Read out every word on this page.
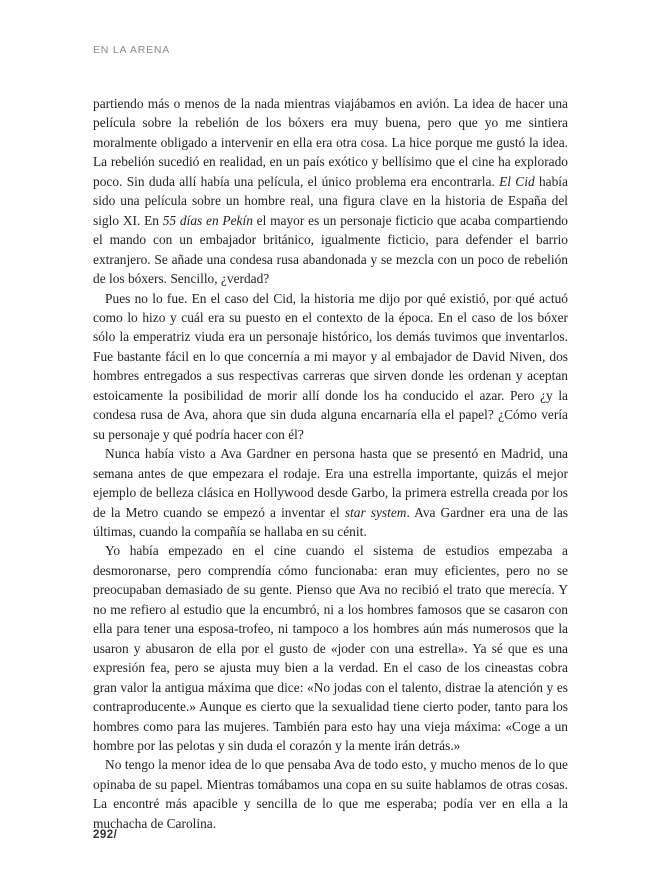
EN LA ARENA

partiendo más o menos de la nada mientras viajábamos en avión. La idea de hacer una película sobre la rebelión de los bóxers era muy buena, pero que yo me sintiera moralmente obligado a intervenir en ella era otra cosa. La hice porque me gustó la idea. La rebelión sucedió en realidad, en un país exótico y bellísimo que el cine ha explorado poco. Sin duda allí había una película, el único problema era encontrarla. El Cid había sido una película sobre un hombre real, una figura clave en la historia de España del siglo XI. En 55 días en Pekín el mayor es un personaje ficticio que acaba compartiendo el mando con un embajador británico, igualmente ficticio, para defender el barrio extranjero. Se añade una condesa rusa abandonada y se mezcla con un poco de rebelión de los bóxers. Sencillo, ¿verdad?

Pues no lo fue. En el caso del Cid, la historia me dijo por qué existió, por qué actuó como lo hizo y cuál era su puesto en el contexto de la época. En el caso de los bóxer sólo la emperatriz viuda era un personaje histórico, los demás tuvimos que inventarlos. Fue bastante fácil en lo que concernía a mi mayor y al embajador de David Niven, dos hombres entregados a sus respectivas carreras que sirven donde les ordenan y aceptan estoicamente la posibilidad de morir allí donde los ha conducido el azar. Pero ¿y la condesa rusa de Ava, ahora que sin duda alguna encarnaría ella el papel? ¿Cómo vería su personaje y qué podría hacer con él?

Nunca había visto a Ava Gardner en persona hasta que se presentó en Madrid, una semana antes de que empezara el rodaje. Era una estrella importante, quizás el mejor ejemplo de belleza clásica en Hollywood desde Garbo, la primera estrella creada por los de la Metro cuando se empezó a inventar el star system. Ava Gardner era una de las últimas, cuando la compañía se hallaba en su cénit.

Yo había empezado en el cine cuando el sistema de estudios empezaba a desmoronarse, pero comprendía cómo funcionaba: eran muy eficientes, pero no se preocupaban demasiado de su gente. Pienso que Ava no recibió el trato que merecía. Y no me refiero al estudio que la encumbró, ni a los hombres famosos que se casaron con ella para tener una esposa-trofeo, ni tampoco a los hombres aún más numerosos que la usaron y abusaron de ella por el gusto de «joder con una estrella». Ya sé que es una expresión fea, pero se ajusta muy bien a la verdad. En el caso de los cineastas cobra gran valor la antigua máxima que dice: «No jodas con el talento, distrae la atención y es contraproducente.» Aunque es cierto que la sexualidad tiene cierto poder, tanto para los hombres como para las mujeres. También para esto hay una vieja máxima: «Coge a un hombre por las pelotas y sin duda el corazón y la mente irán detrás.»

No tengo la menor idea de lo que pensaba Ava de todo esto, y mucho menos de lo que opinaba de su papel. Mientras tomábamos una copa en su suite hablamos de otras cosas. La encontré más apacible y sencilla de lo que me esperaba; podía ver en ella a la muchacha de Carolina.

292/
